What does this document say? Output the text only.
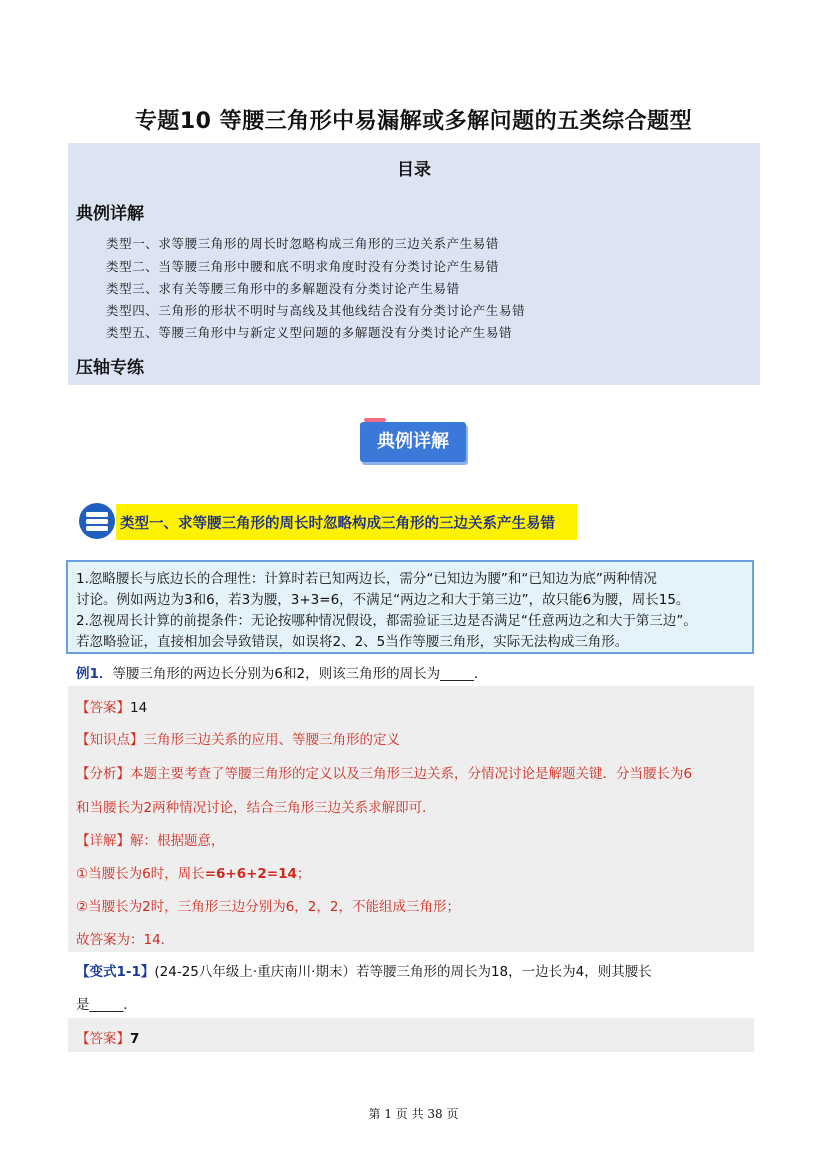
专题10 等腰三角形中易漏解或多解问题的五类综合题型
目录
典例详解
类型一、求等腰三角形的周长时忽略构成三角形的三边关系产生易错
类型二、当等腰三角形中腰和底不明求角度时没有分类讨论产生易错
类型三、求有关等腰三角形中的多解题没有分类讨论产生易错
类型四、三角形的形状不明时与高线及其他线结合没有分类讨论产生易错
类型五、等腰三角形中与新定义型问题的多解题没有分类讨论产生易错
压轴专练
典例详解
类型一、求等腰三角形的周长时忽略构成三角形的三边关系产生易错
1.忽略腰长与底边长的合理性：计算时若已知两边长，需分“已知边为腰”和“已知边为底”两种情况
讨论。例如两边为3和6，若3为腰，3+3=6，不满足“两边之和大于第三边”，故只能6为腰，周长15。
2.忽视周长计算的前提条件：无论按哪种情况假设，都需验证三边是否满足“任意两边之和大于第三边”。
若忽略验证，直接相加会导致错误，如误将2、2、5当作等腰三角形，实际无法构成三角形。
例1．等腰三角形的两边长分别为6和2，则该三角形的周长为_____．
【答案】14
【知识点】三角形三边关系的应用、等腰三角形的定义
【分析】本题主要考查了等腰三角形的定义以及三角形三边关系，分情况讨论是解题关键．分当腰长为6
和当腰长为2两种情况讨论，结合三角形三边关系求解即可．
【详解】解：根据题意，
①当腰长为6时，周长=6+6+2=14；
②当腰长为2时，三角形三边分别为6，2，2，不能组成三角形；
故答案为：14．
【变式1-1】(24-25八年级上·重庆南川·期末）若等腰三角形的周长为18，一边长为4，则其腰长
是_____．
【答案】7
第 1 页 共 38 页
